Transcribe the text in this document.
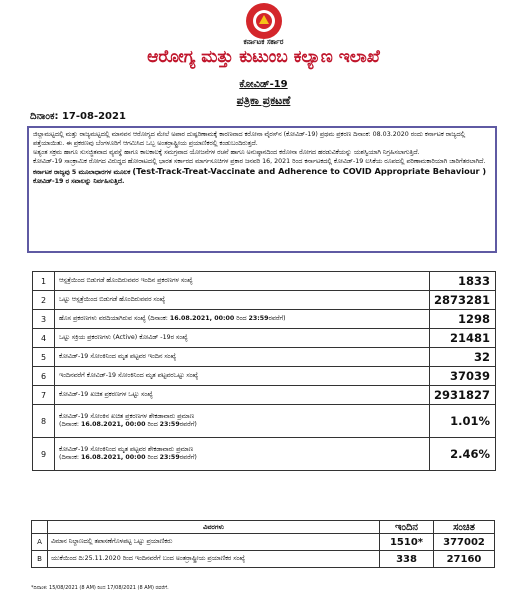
ಕರ್ನಾಟಕ ಸರ್ಕಾರ
ಆರೋಗ್ಯ ಮತ್ತು ಕುಟುಂಬ ಕಲ್ಯಾಣ ಇಲಾಖೆ
ಕೋವಿಡ್-19
ಪತ್ರಿಕಾ ಪ್ರಕಟಣೆ
ದಿನಾಂಕ: 17-08-2021

ಜಿಲ್ಲಾಮಟ್ಟದಲ್ಲಿ ಮತ್ತು ರಾಜ್ಯಮಟ್ಟದಲ್ಲಿ ಮಾನವನ ಆರೋಗ್ಯದ ಮೇಲೆ ಅಪಾರ ದುಷ್ಪರಿಣಾಮಕ್ಕೆ ಕಾರಣವಾದ ಕರೋನಾ ವೈರಸ್‌ನ (ಕೋವಿಡ್-19) ಪ್ರಥಮ ಪ್ರಕರಣ ದಿನಾಂಕ: 08.03.2020 ರಂದು ಕರ್ನಾಟಕ ರಾಜ್ಯದಲ್ಲಿ ಪತ್ತೆಯಾಯಿತು. ಈ ಪ್ರಕರಣವು ಬೆಂಗಳೂರಿಗೆ ಆಗಮಿಸಿದ ಒಬ್ಬ ಅಂತರ್ರಾಷ್ಟ್ರೀಯ ಪ್ರಯಾಣಿಕರಲ್ಲಿ ಕಂಡುಬಂದಿರುತ್ತದೆ.

ಅತ್ಯಂತ ಸಕ್ರಮ ಹಾಗೂ ಸುಸಜ್ಜಿತವಾದ ವ್ಯವಸ್ಥೆ ಹಾಗೂ ಕಾಲಕಾಲಕ್ಕೆ ಸಮಗ್ರವಾದ ಯೋಜನೆಗಳ ರಚನೆ ಹಾಗೂ ಅನುಷ್ಠಾನದಿಂದ ಕರೋನಾ ರೋಗದ ಹರಡುವಿಕೆಯನ್ನು ಯಶಸ್ವಿಯಾಗಿ ನಿಗ್ರಹಿಸಲಾಗುತ್ತಿದೆ.

ಕೋವಿಡ್-19 ಸಾಂಕ್ರಾಮಿಕ ರೋಗದ ವಿರುದ್ಧದ ಹೋರಾಟದಲ್ಲಿ ಭಾರತ ಸರ್ಕಾರದ ಮಾರ್ಗಸೂಚಿಗಳ ಪ್ರಕಾರ ಜನವರಿ 16, 2021 ರಿಂದ ಕರ್ನಾಟಕದಲ್ಲಿ ಕೋವಿಡ್-19 ಲಸಿಕೆಯ ರೂಪದಲ್ಲಿ ಪರಿಣಾಮಕಾರಿಯಾಗಿ ಜಾರಿಗೆತರಲಾಗಿದೆ.

ಕರ್ನಾಟಕ ರಾಜ್ಯವು 5 ಮೂಲಾಧಾರಗಳ ಮೂಲಕ (Test-Track-Treat-Vaccinate and Adherence to COVID Appropriate Behaviour ) ಕೋವಿಡ್-19 ರ ಸವಾಲನ್ನು ನಿರ್ವಹಿಸುತ್ತಿದೆ.

1	ಆಸ್ಪತ್ರೆಯಿಂದ ಬಿಡುಗಡೆ ಹೊಂದಿರುವವರ ಇಂದಿನ ಪ್ರಕರಣಗಳ ಸಂಖ್ಯೆ	1833
2	ಒಟ್ಟು ಆಸ್ಪತ್ರೆಯಿಂದ ಬಿಡುಗಡೆ ಹೊಂದಿರುವವರ ಸಂಖ್ಯೆ	2873281
3	ಹೊಸ ಪ್ರಕರಣಗಳು ವರದಿಯಾಗಿರುವ ಸಂಖ್ಯೆ (ದಿನಾಂಕ: 16.08.2021, 00:00 ರಿಂದ 23:59ರವರೆಗೆ)	1298
4	ಒಟ್ಟು ಸಕ್ರಿಯ ಪ್ರಕರಣಗಳು (Active) ಕೋವಿಡ್ -19ರ ಸಂಖ್ಯೆ	21481
5	ಕೋವಿಡ್-19 ಸೋಂಕಿನಿಂದ ಮೃತ ಪಟ್ಟವರ ಇಂದಿನ ಸಂಖ್ಯೆ	32
6	ಇಂದಿನವರೆಗೆ ಕೋವಿಡ್-19 ಸೋಂಕಿನಿಂದ ಮೃತ ಪಟ್ಟವರಒಟ್ಟು ಸಂಖ್ಯೆ	37039
7	ಕೋವಿಡ್-19 ಖಚಿತ ಪ್ರಕರಣಗಳ ಒಟ್ಟು ಸಂಖ್ಯೆ	2931827
8	ಕೋವಿಡ್-19 ಸೋಂಕಿನ ಖಚಿತ ಪ್ರಕರಣಗಳ ಶೇಕಡಾವಾರು ಪ್ರಮಾಣ
(ದಿನಾಂಕ: 16.08.2021, 00:00 ರಿಂದ 23:59ರವರೆಗೆ)	1.01%
9	ಕೋವಿಡ್-19 ಸೋಂಕಿನಿಂದ ಮೃತ ಪಟ್ಟವರ ಶೇಕಡಾವಾರು ಪ್ರಮಾಣ
(ದಿನಾಂಕ: 16.08.2021, 00:00 ರಿಂದ 23:59ರವರೆಗೆ)	2.46%
	ವಿವರಗಳು	ಇಂದಿನ	ಸಂಚಿತ
A	ವಿಮಾನ ನಿಲ್ದಾಣದಲ್ಲಿ ತಪಾಸಣೆಗೊಳಪಟ್ಟ ಒಟ್ಟು ಪ್ರಯಾಣಿಕರು	1510*	377002
B	ಯುಕೆಯಿಂದ ದಿ:25.11.2020 ರಿಂದ ಇಂದಿನವರೆಗೆ ಬಂದ ಅಂತರ್ರಾಷ್ಟ್ರೀಯ ಪ್ರಯಾಣಿಕರ ಸಂಖ್ಯೆ	338	27160
*ದಿನಾಂಕ: 15/08/2021 (8 AM) ರಿಂದ 17/08/2021 (8 AM) ರವರೆಗೆ.
